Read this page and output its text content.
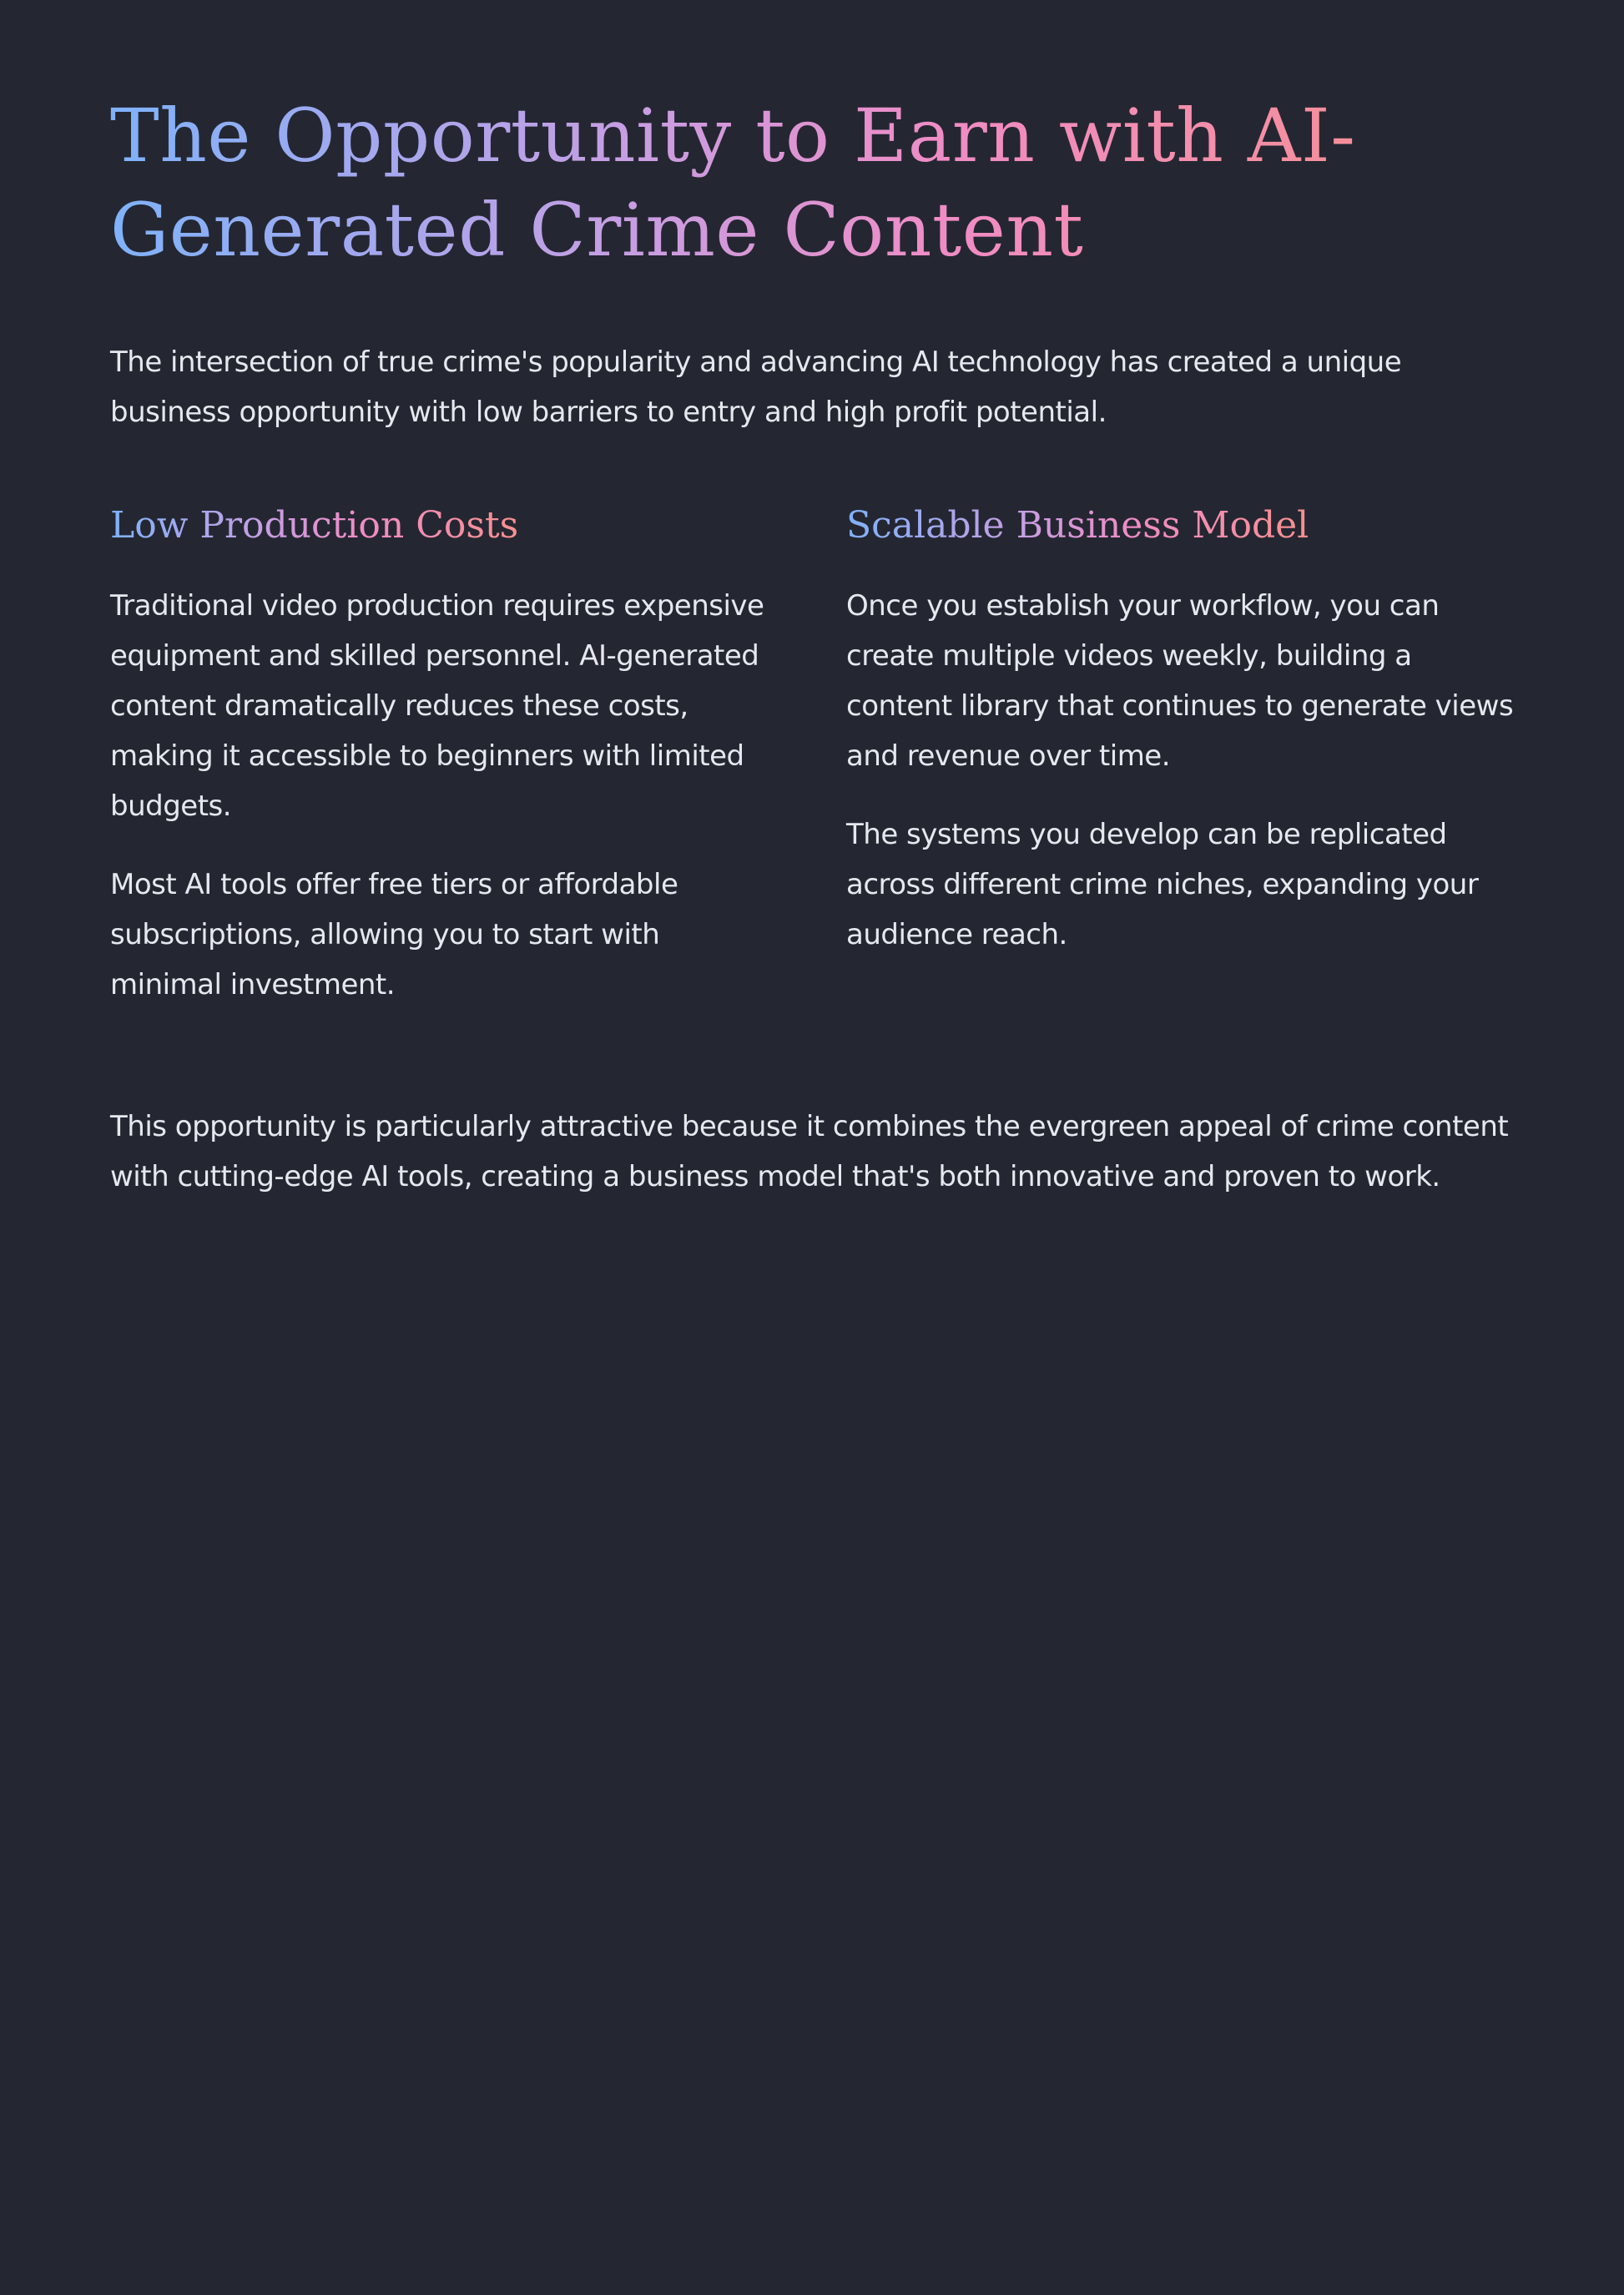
The Opportunity to Earn with AI-Generated Crime Content

The intersection of true crime's popularity and advancing AI technology has created a unique business opportunity with low barriers to entry and high profit potential.

Low Production Costs

Traditional video production requires expensive equipment and skilled personnel. AI-generated content dramatically reduces these costs, making it accessible to beginners with limited budgets.

Most AI tools offer free tiers or affordable subscriptions, allowing you to start with minimal investment.

Scalable Business Model

Once you establish your workflow, you can create multiple videos weekly, building a content library that continues to generate views and revenue over time.

The systems you develop can be replicated across different crime niches, expanding your audience reach.

This opportunity is particularly attractive because it combines the evergreen appeal of crime content with cutting-edge AI tools, creating a business model that's both innovative and proven to work.
